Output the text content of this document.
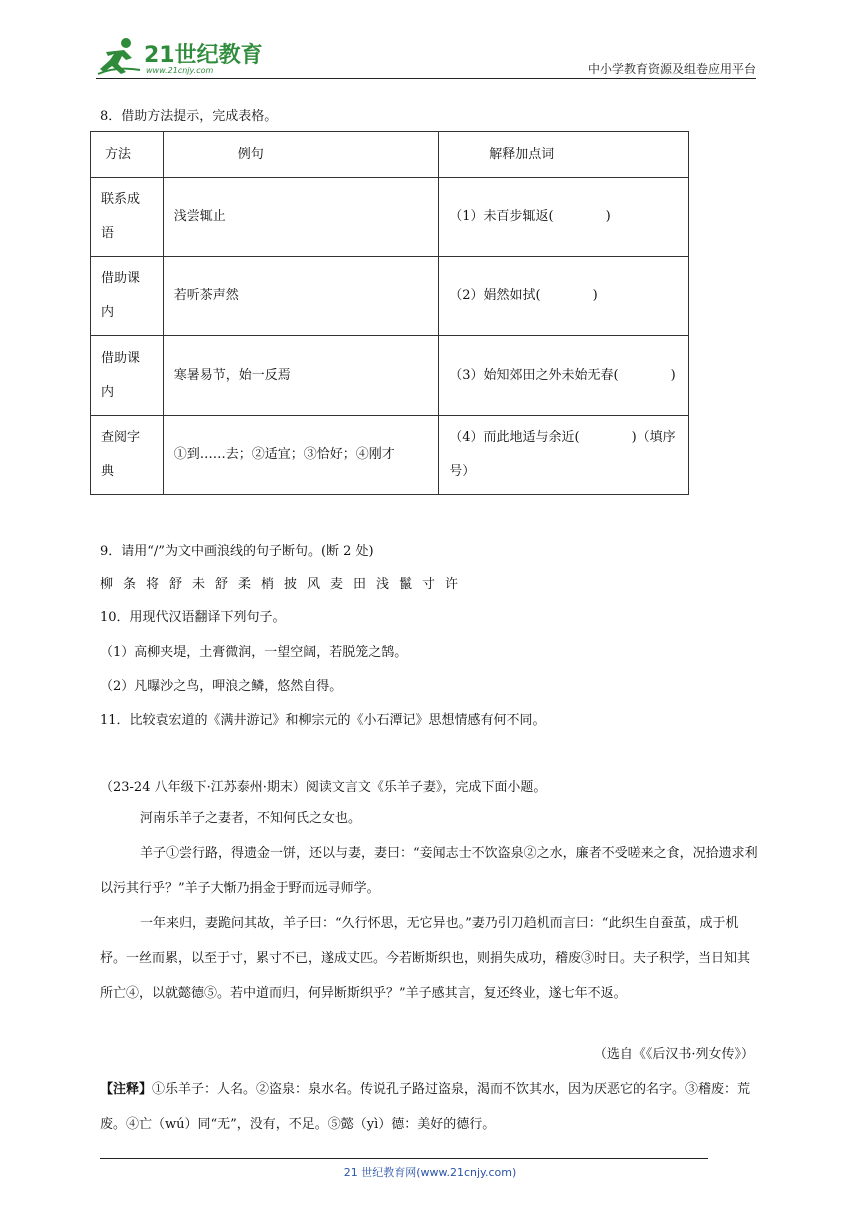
21世纪教育
www.21cnjy.com	中小学教育资源及组卷应用平台
8．借助方法提示，完成表格。
方法	例句	解释加点词
联系成语	浅尝辄止	（1）未百步辄返(　　　　)
借助课内	若听茶声然	（2）娟然如拭(　　　　)
借助课内	寒暑易节，始一反焉	（3）始知郊田之外未始无春(　　　　)
查阅字典	①到……去；②适宜；③恰好；④刚才	（4）而此地适与余近(　　　　)（填序号）
9．请用“/”为文中画浪线的句子断句。(断 2 处)
柳条将舒未舒柔梢披风麦田浅鬣寸许
10．用现代汉语翻译下列句子。
（1）高柳夹堤，土膏微润，一望空阔，若脱笼之鹄。
（2）凡曝沙之鸟，呷浪之鳞，悠然自得。
11．比较袁宏道的《满井游记》和柳宗元的《小石潭记》思想情感有何不同。
（23-24 八年级下·江苏泰州·期末）阅读文言文《乐羊子妻》，完成下面小题。
河南乐羊子之妻者，不知何氏之女也。
羊子①尝行路，得遗金一饼，还以与妻，妻曰：“妾闻志士不饮盗泉②之水，廉者不受嗟来之食，况拾遗求利以污其行乎？”羊子大惭乃捐金于野而远寻师学。
一年来归，妻跪问其故，羊子曰：“久行怀思，无它异也。”妻乃引刀趋机而言曰：“此织生自蚕茧，成于机杼。一丝而累，以至于寸，累寸不已，遂成丈匹。今若断斯织也，则捐失成功，稽废③时日。夫子积学，当日知其所亡④，以就懿德⑤。若中道而归，何异断斯织乎？”羊子感其言，复还终业，遂七年不返。
（选自《《后汉书·列女传》）
【注释】①乐羊子：人名。②盗泉：泉水名。传说孔子路过盗泉，渴而不饮其水，因为厌恶它的名字。③稽废：荒废。④亡（wú）同“无”，没有，不足。⑤懿（yì）德：美好的德行。
21 世纪教育网(www.21cnjy.com)
